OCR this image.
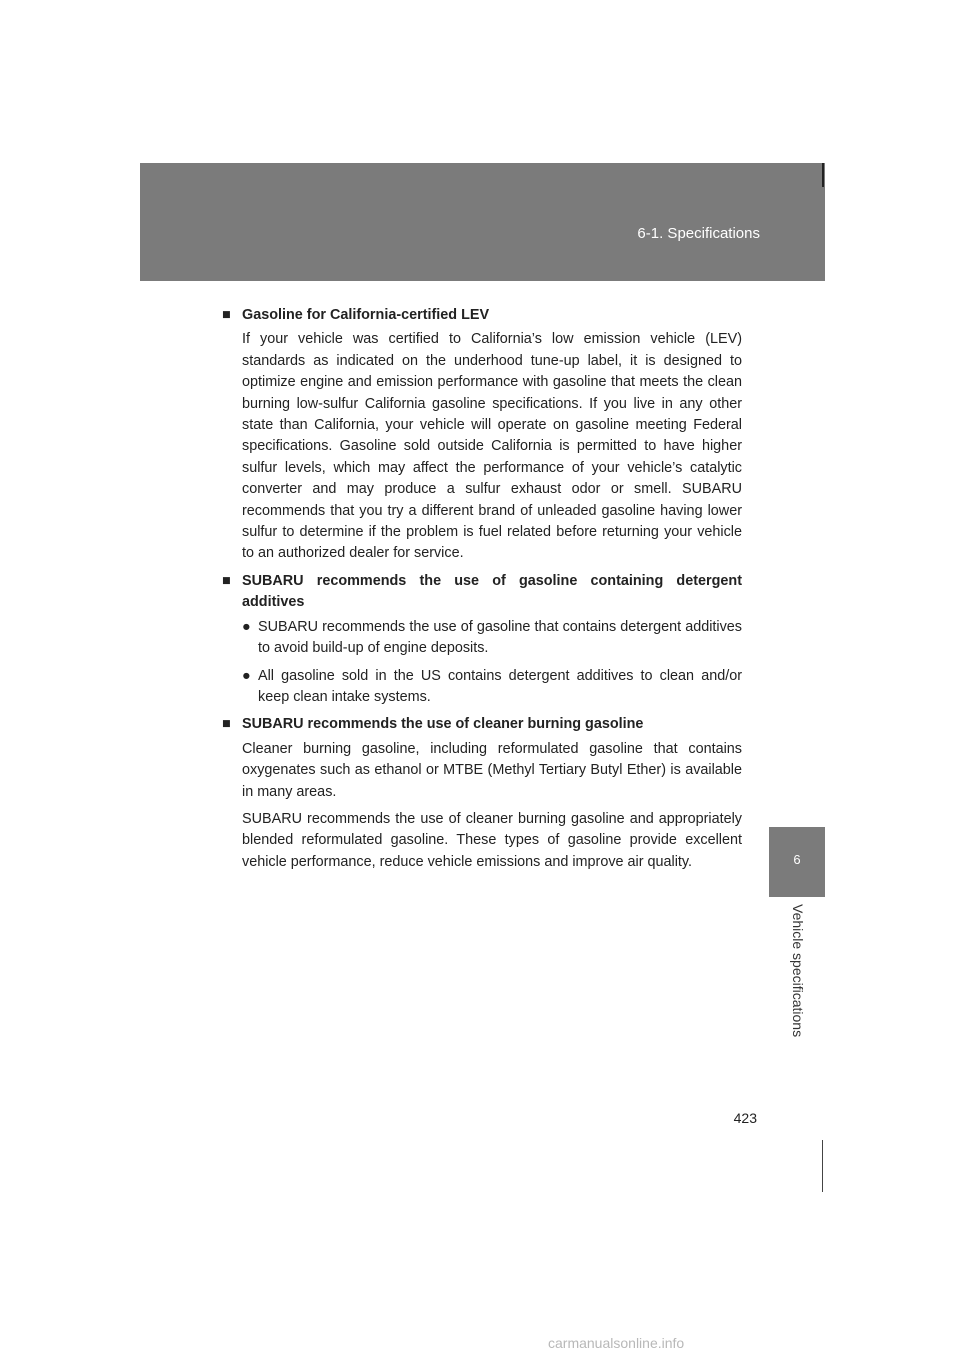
6-1. Specifications
6
Vehicle specifications
■ Gasoline for California-certified LEV

If your vehicle was certified to California’s low emission vehicle (LEV) standards as indicated on the underhood tune-up label, it is designed to optimize engine and emission performance with gasoline that meets the clean burning low-sulfur California gasoline specifications. If you live in any other state than California, your vehicle will operate on gasoline meeting Federal specifications. Gasoline sold outside California is permitted to have higher sulfur levels, which may affect the performance of your vehicle’s catalytic converter and may produce a sulfur exhaust odor or smell. SUBARU recommends that you try a different brand of unleaded gasoline having lower sulfur to determine if the problem is fuel related before returning your vehicle to an authorized dealer for service.

■ SUBARU recommends the use of gasoline containing detergent additives
● SUBARU recommends the use of gasoline that contains detergent additives to avoid build-up of engine deposits.
● All gasoline sold in the US contains detergent additives to clean and/or keep clean intake systems.
■ SUBARU recommends the use of cleaner burning gasoline

Cleaner burning gasoline, including reformulated gasoline that contains oxygenates such as ethanol or MTBE (Methyl Tertiary Butyl Ether) is available in many areas.

SUBARU recommends the use of cleaner burning gasoline and appropriately blended reformulated gasoline. These types of gasoline provide excellent vehicle performance, reduce vehicle emissions and improve air quality.

423
carmanualsonline.info
